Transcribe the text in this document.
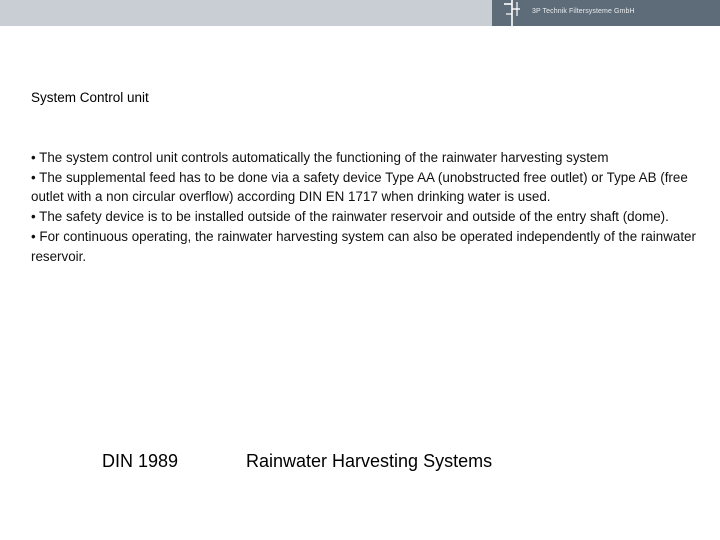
3P Technik Filtersysteme GmbH
System Control unit
• The system control unit controls automatically the functioning of the rainwater harvesting system
• The supplemental feed has to be done via a safety device Type AA (unobstructed free outlet) or Type AB (free outlet with a non circular overflow) according DIN EN 1717 when drinking water is used.
• The safety device is to be installed outside of the rainwater reservoir and outside of the entry shaft (dome).
• For continuous operating, the rainwater harvesting system can also be operated independently of the rainwater reservoir.
DIN 1989	Rainwater Harvesting Systems
